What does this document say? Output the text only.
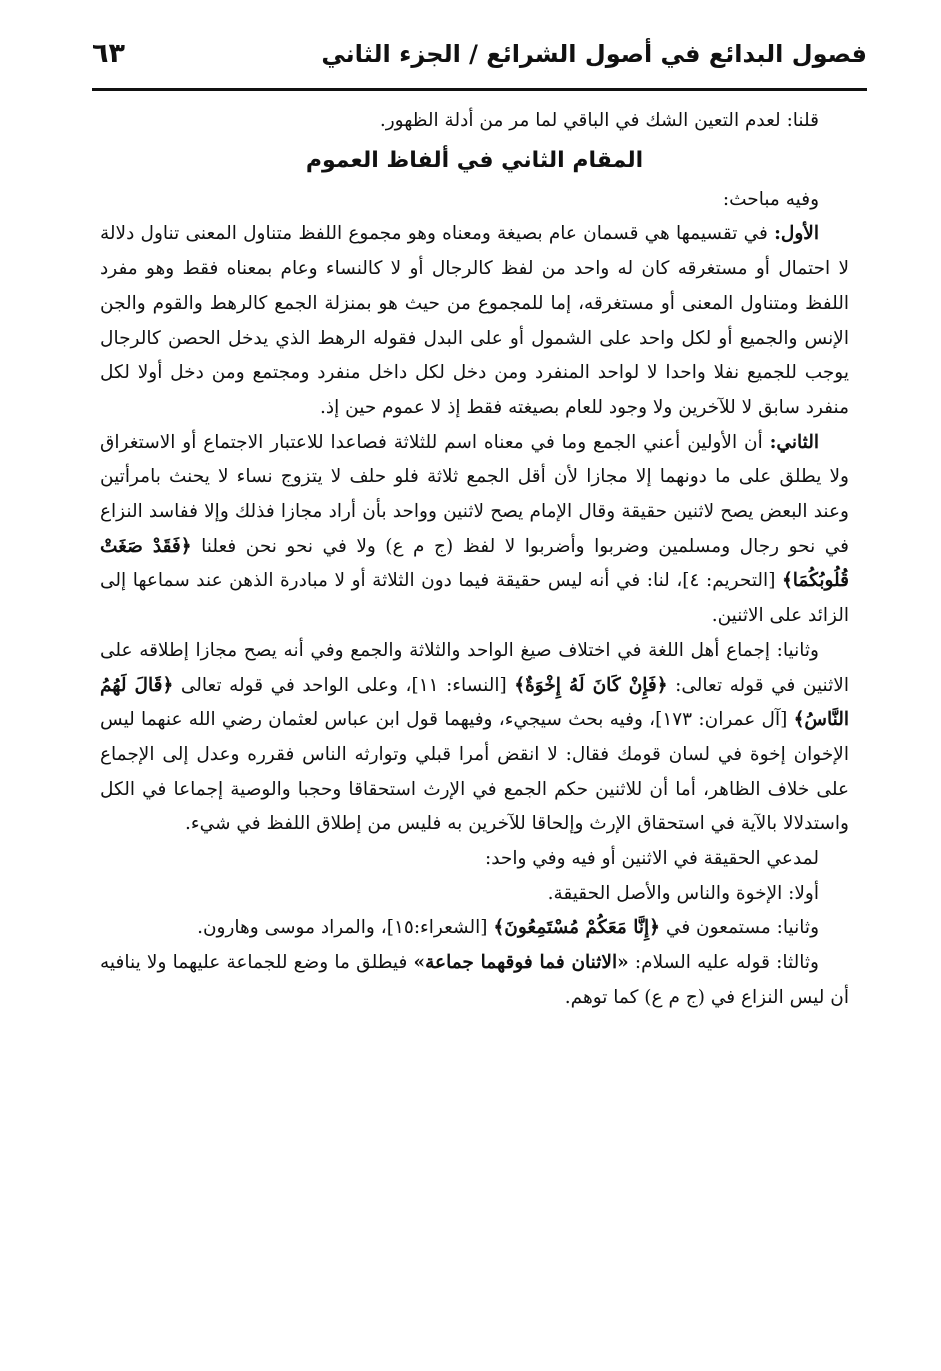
فصول البدائع في أصول الشرائع / الجزء الثاني
٦٣

قلنا: لعدم التعين الشك في الباقي لما مر من أدلة الظهور.

المقام الثاني في ألفاظ العموم

وفيه مباحث:

الأول: في تقسيمها هي قسمان عام بصيغة ومعناه وهو مجموع اللفظ متناول المعنى تناول دلالة لا احتمال أو مستغرقه كان له واحد من لفظ كالرجال أو لا كالنساء وعام بمعناه فقط وهو مفرد اللفظ ومتناول المعنى أو مستغرقه، إما للمجموع من حيث هو بمنزلة الجمع كالرهط والقوم والجن الإنس والجميع أو لكل واحد على الشمول أو على البدل فقوله الرهط الذي يدخل الحصن كالرجال يوجب للجميع نفلا واحدا لا لواحد المنفرد ومن دخل لكل داخل منفرد ومجتمع ومن دخل أولا لكل منفرد سابق لا للآخرين ولا وجود للعام بصيغته فقط إذ لا عموم حين إذ.

الثاني: أن الأولين أعني الجمع وما في معناه اسم للثلاثة فصاعدا للاعتبار الاجتماع أو الاستغراق ولا يطلق على ما دونهما إلا مجازا لأن أقل الجمع ثلاثة فلو حلف لا يتزوج نساء لا يحنث بامرأتين وعند البعض يصح لاثنين حقيقة وقال الإمام يصح لاثنين وواحد بأن أراد مجازا فذلك وإلا ففاسد النزاع في نحو رجال ومسلمين وضربوا وأضربوا لا لفظ (ج م ع) ولا في نحو نحن فعلنا ﴿فَقَدْ صَغَتْ قُلُوبُكُمَا﴾ [التحريم: ٤]، لنا: في أنه ليس حقيقة فيما دون الثلاثة أو لا مبادرة الذهن عند سماعها إلى الزائد على الاثنين.

وثانيا: إجماع أهل اللغة في اختلاف صيغ الواحد والثلاثة والجمع وفي أنه يصح مجازا إطلاقه على الاثنين في قوله تعالى: ﴿فَإِنْ كَانَ لَهُ إِخْوَةٌ﴾ [النساء: ١١]، وعلى الواحد في قوله تعالى ﴿قَالَ لَهُمُ النَّاسُ﴾ [آل عمران: ١٧٣]، وفيه بحث سيجيء، وفيهما قول ابن عباس لعثمان رضي الله عنهما ليس الإخوان إخوة في لسان قومك فقال: لا انقض أمرا قبلي وتوارثه الناس فقرره وعدل إلى الإجماع على خلاف الظاهر، أما أن للاثنين حكم الجمع في الإرث استحقاقا وحجبا والوصية إجماعا في الكل واستدلالا بالآية في استحقاق الإرث وإلحاقا للآخرين به فليس من إطلاق اللفظ في شيء.

لمدعي الحقيقة في الاثنين أو فيه وفي واحد:

أولا: الإخوة والناس والأصل الحقيقة.

وثانيا: مستمعون في ﴿إِنَّا مَعَكُمْ مُسْتَمِعُونَ﴾ [الشعراء:١٥]، والمراد موسى وهارون.

وثالثا: قوله عليه السلام: «الاثنان فما فوقهما جماعة» فيطلق ما وضع للجماعة عليهما ولا ينافيه أن ليس النزاع في (ج م ع) كما توهم.
